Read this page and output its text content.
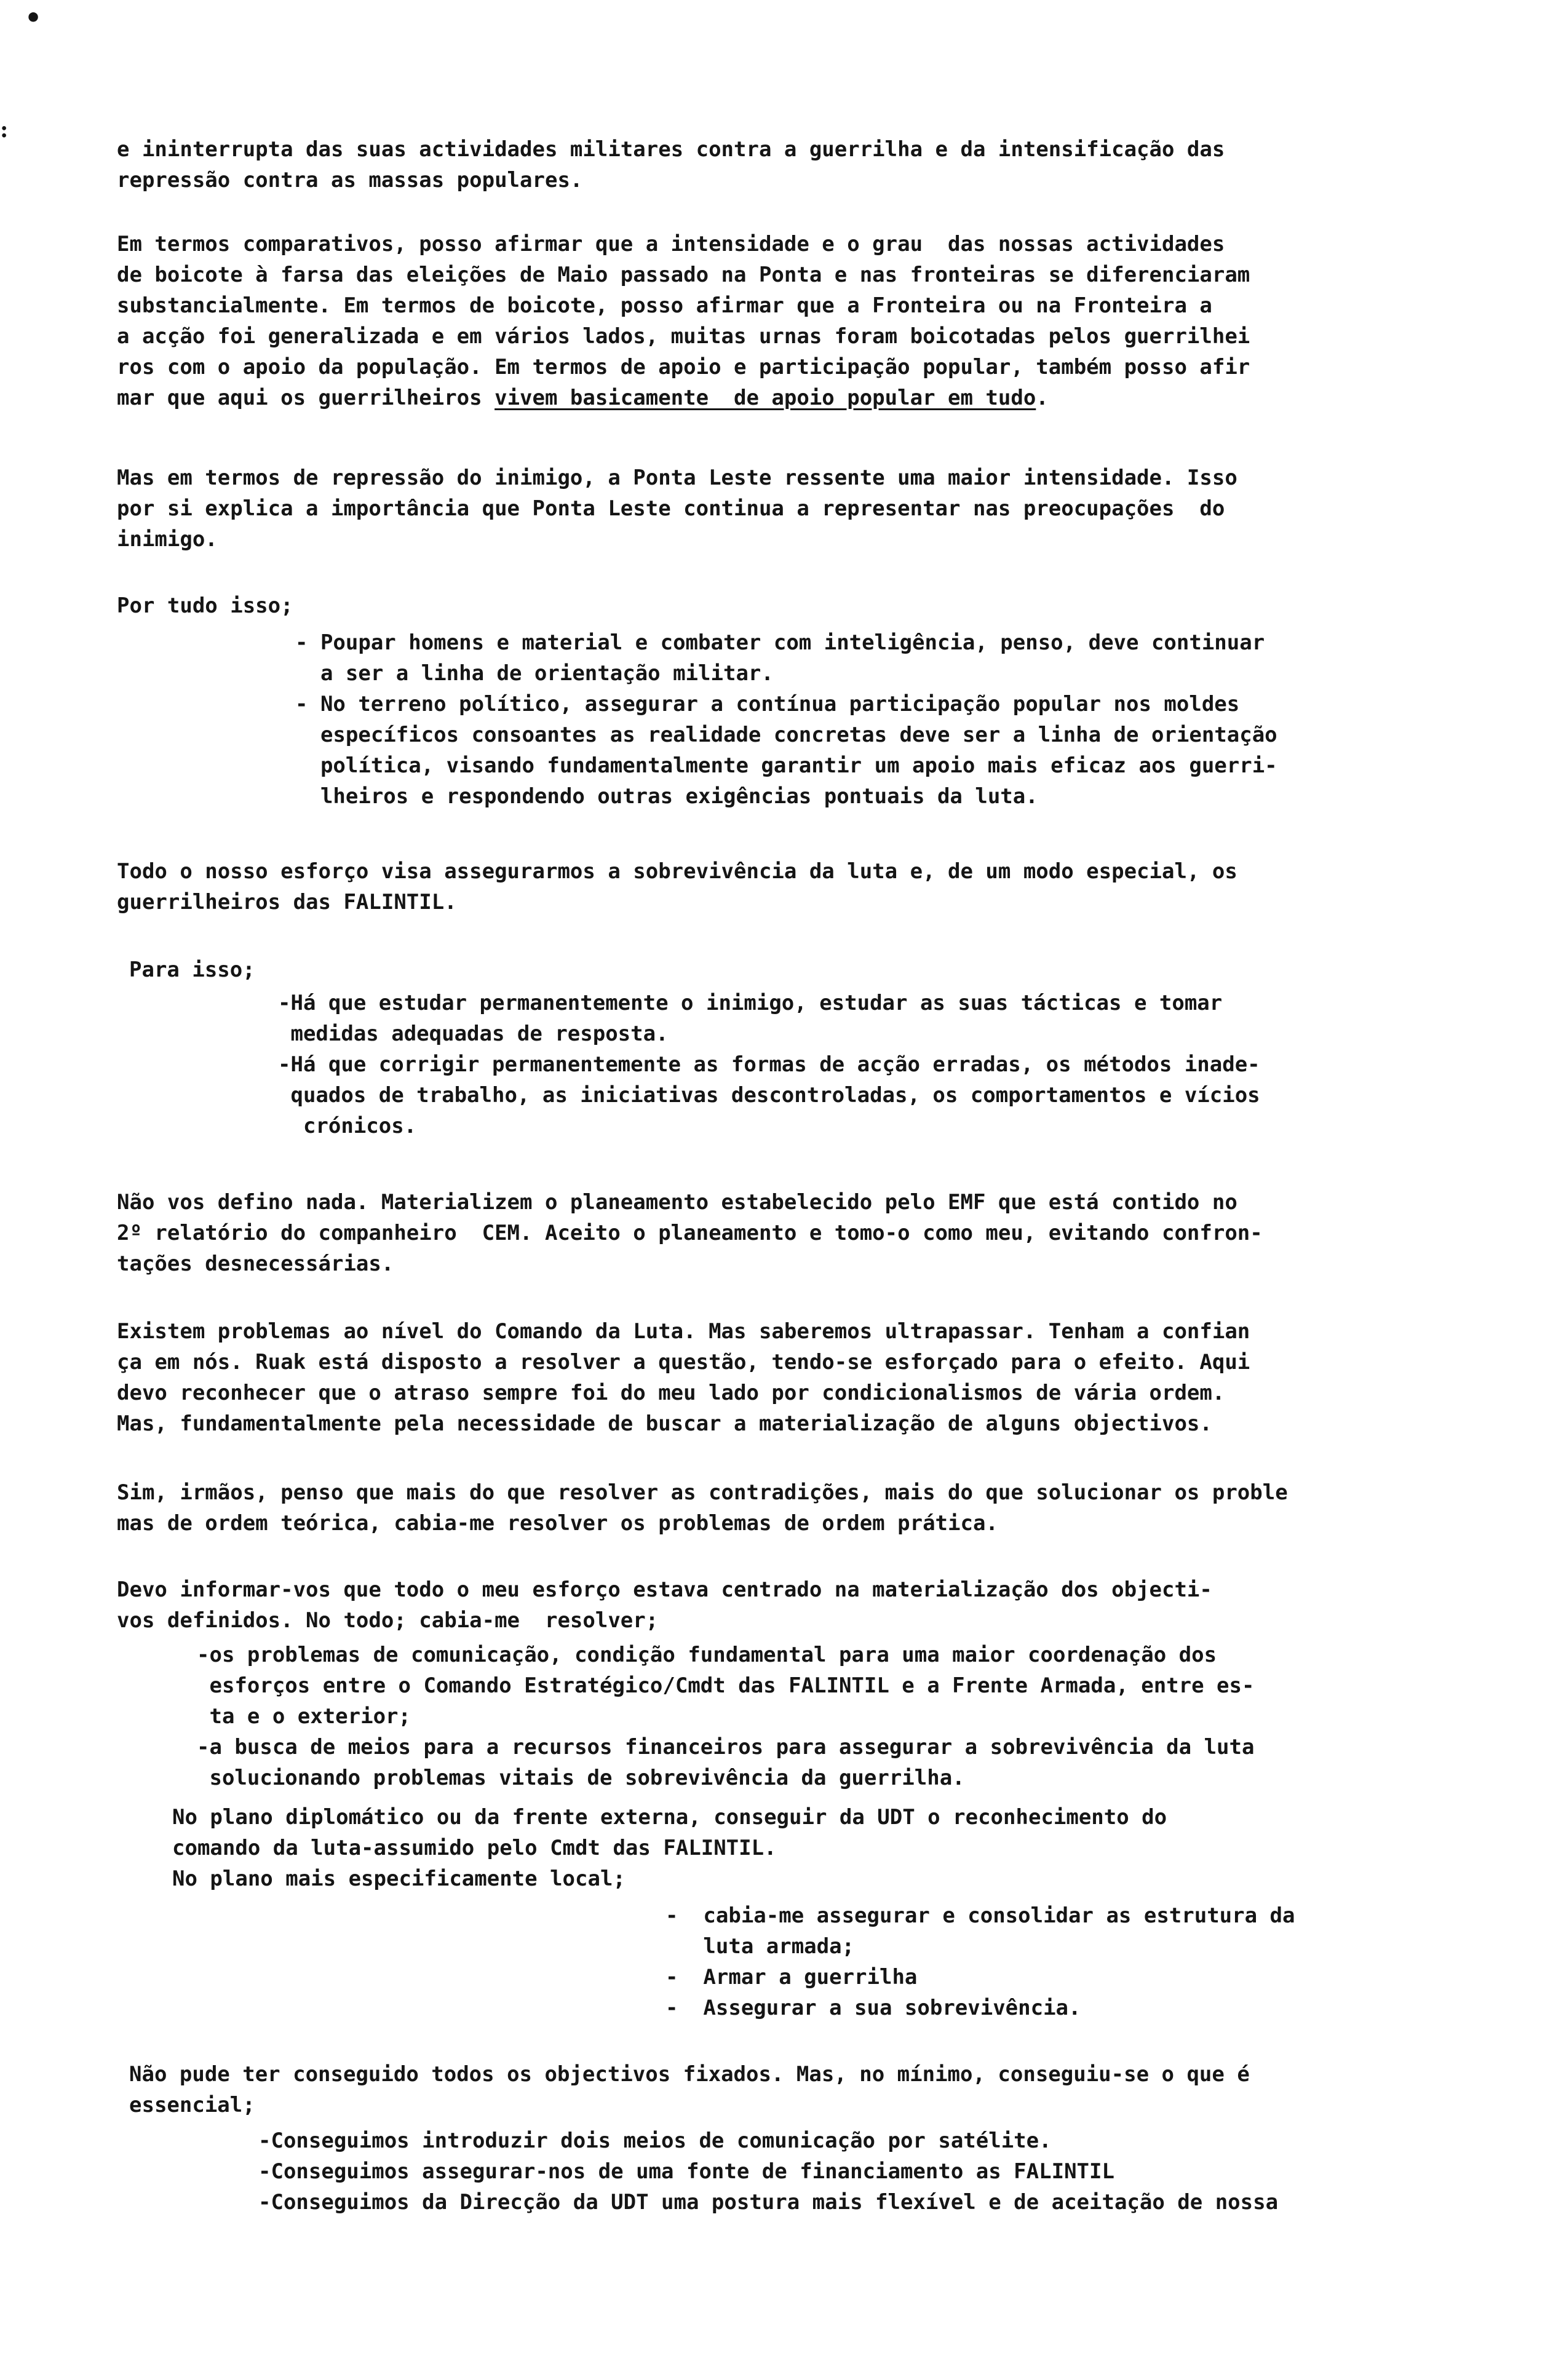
•
:
e ininterrupta das suas actividades militares contra a guerrilha e da intensificação das
repressão contra as massas populares.
Em termos comparativos, posso afirmar que a intensidade e o grau  das nossas actividades
de boicote à farsa das eleições de Maio passado na Ponta e nas fronteiras se diferenciaram
substancialmente. Em termos de boicote, posso afirmar que a Fronteira ou na Fronteira a
a acção foi generalizada e em vários lados, muitas urnas foram boicotadas pelos guerrilhei
ros com o apoio da população. Em termos de apoio e participação popular, também posso afir
mar que aqui os guerrilheiros vivem basicamente  de apoio popular em tudo.
Mas em termos de repressão do inimigo, a Ponta Leste ressente uma maior intensidade. Isso
por si explica a importância que Ponta Leste continua a representar nas preocupações  do
inimigo.
Por tudo isso;
- Poupar homens e material e combater com inteligência, penso, deve continuar
a ser a linha de orientação militar.
- No terreno político, assegurar a contínua participação popular nos moldes
específicos consoantes as realidade concretas deve ser a linha de orientação
política, visando fundamentalmente garantir um apoio mais eficaz aos guerri-
lheiros e respondendo outras exigências pontuais da luta.
Todo o nosso esforço visa assegurarmos a sobrevivência da luta e, de um modo especial, os
guerrilheiros das FALINTIL.
Para isso;
-Há que estudar permanentemente o inimigo, estudar as suas tácticas e tomar
medidas adequadas de resposta.
-Há que corrigir permanentemente as formas de acção erradas, os métodos inade-
quados de trabalho, as iniciativas descontroladas, os comportamentos e vícios
crónicos.
Não vos defino nada. Materializem o planeamento estabelecido pelo EMF que está contido no
2º relatório do companheiro  CEM. Aceito o planeamento e tomo-o como meu, evitando confron-
tações desnecessárias.
Existem problemas ao nível do Comando da Luta. Mas saberemos ultrapassar. Tenham a confian
ça em nós. Ruak está disposto a resolver a questão, tendo-se esforçado para o efeito. Aqui
devo reconhecer que o atraso sempre foi do meu lado por condicionalismos de vária ordem.
Mas, fundamentalmente pela necessidade de buscar a materialização de alguns objectivos.
Sim, irmãos, penso que mais do que resolver as contradições, mais do que solucionar os proble
mas de ordem teórica, cabia-me resolver os problemas de ordem prática.
Devo informar-vos que todo o meu esforço estava centrado na materialização dos objecti-
vos definidos. No todo; cabia-me  resolver;
-os problemas de comunicação, condição fundamental para uma maior coordenação dos
esforços entre o Comando Estratégico/Cmdt das FALINTIL e a Frente Armada, entre es-
ta e o exterior;
-a busca de meios para a recursos financeiros para assegurar a sobrevivência da luta
solucionando problemas vitais de sobrevivência da guerrilha.
No plano diplomático ou da frente externa, conseguir da UDT o reconhecimento do
comando da luta-assumido pelo Cmdt das FALINTIL.
No plano mais especificamente local;
-  cabia-me assegurar e consolidar as estrutura da
luta armada;
-  Armar a guerrilha
-  Assegurar a sua sobrevivência.
Não pude ter conseguido todos os objectivos fixados. Mas, no mínimo, conseguiu-se o que é
essencial;
-Conseguimos introduzir dois meios de comunicação por satélite.
-Conseguimos assegurar-nos de uma fonte de financiamento as FALINTIL
-Conseguimos da Direcção da UDT uma postura mais flexível e de aceitação de nossa
